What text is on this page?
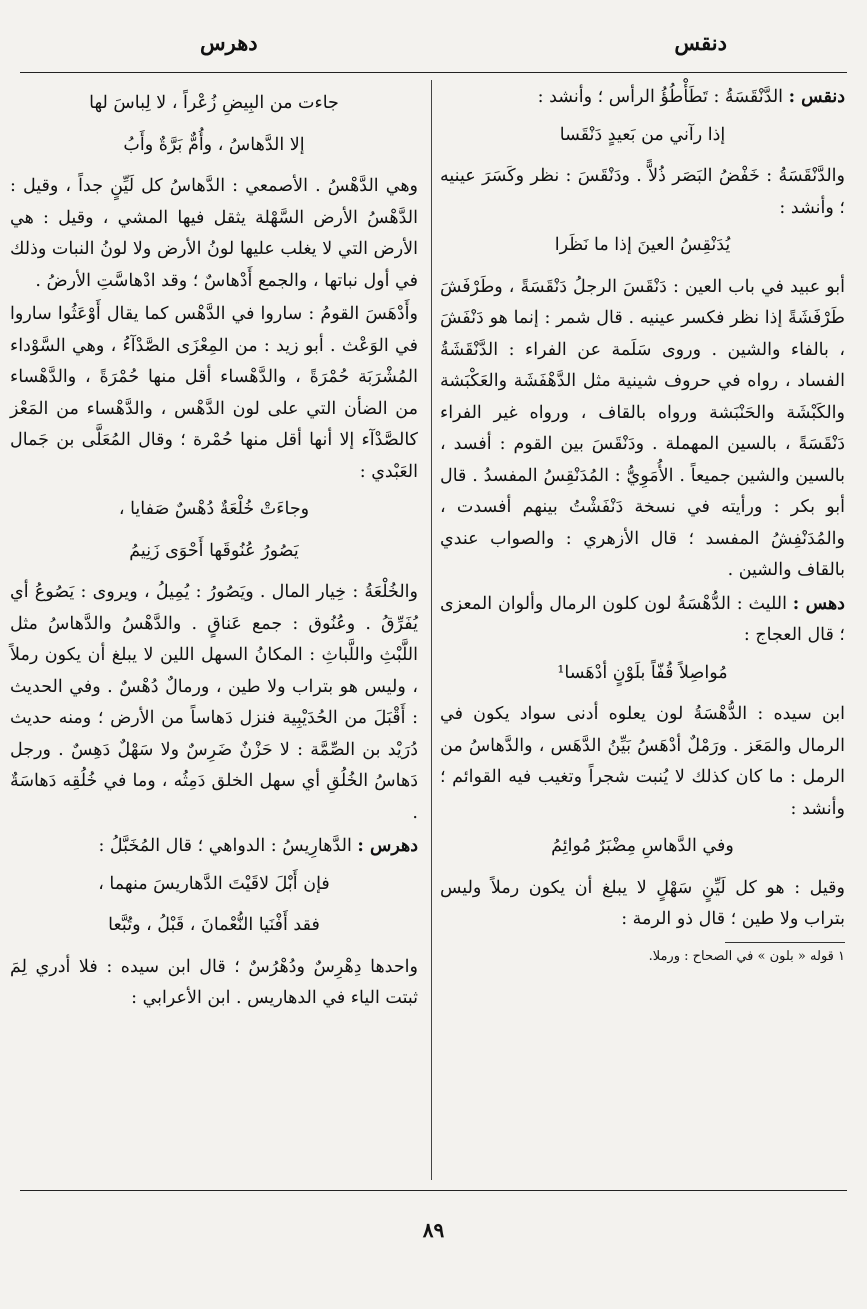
دنقس
دهرس

دنقس : الدَّنْقَسَةُ : تَطَأْطُؤُ الرأس ؛ وأنشد :

إذا رآني من بَعيدٍ دَنْقَسا

والدَّنْقَسَةُ : خَفْضُ البَصَر ذُلاًّ . ودَنْقَسَ : نظر وكَسَرَ عينيه ؛ وأنشد :

يُدَنْقِسُ العينَ إذا ما نَظَرا

أبو عبيد في باب العين : دَنْقَسَ الرجلُ دَنْقَسَةً ، وطَرْفَشَ طَرْفَشَةً إذا نظر فكسر عينيه . قال شمر : إنما هو دَنْفَشَ ، بالفاء والشين . وروى سَلَمة عن الفراء : الدَّنْقَشَةُ الفساد ، رواه في حروف شينية مثل الدَّهْفَشَة والعَكْبَشة والكَبْشَة والحَنْبَشة ورواه بالقاف ، ورواه غير الفراء دَنْقَسَةً ، بالسين المهملة . ودَنْقَسَ بين القوم : أفسد ، بالسين والشين جميعاً . الأُمَوِيُّ : المُدَنْقِسُ المفسدُ . قال أبو بكر : ورأيته في نسخة دَنْفَشْتُ بينهم أفسدت ، والمُدَنْفِشُ المفسد ؛ قال الأزهري : والصواب عندي بالقاف والشين .

دهس : الليث : الدُّهْسَةُ لون كلون الرمال وألوان المعزى ؛ قال العجاج :

مُواصِلاً قُفّاً بلَوْنٍ أدْهَسا¹

ابن سيده : الدُّهْسَةُ لون يعلوه أدنى سواد يكون في الرمال والمَعَز . ورَمْلٌ أدْهَسُ بَيِّنُ الدَّهَس ، والدَّهاسُ من الرمل : ما كان كذلك لا يُنبت شجراً وتغيب فيه القوائم ؛ وأنشد :

وفي الدَّهاسِ مِضْبَرٌ مُوائِمُ

وقيل : هو كل لَيِّنٍ سَهْلٍ لا يبلغ أن يكون رملاً وليس بتراب ولا طين ؛ قال ذو الرمة :

١ قوله « بلون » في الصحاح : ورملا.

جاءت من البِيضِ زُعْراً ، لا لِباسَ لها

إلا الدَّهاسُ ، وأُمٌّ بَرَّةٌ وأَبُ

وهي الدَّهْسُ . الأصمعي : الدَّهاسُ كل لَيِّنٍ جداً ، وقيل : الدَّهْسُ الأرض السَّهْلة يثقل فيها المشي ، وقيل : هي الأرض التي لا يغلب عليها لونُ الأرض ولا لونُ النبات وذلك في أول نباتها ، والجمع أَدْهاسٌ ؛ وقد ادْهاسَّتِ الأرضُ .

وأَدْهَسَ القومُ : ساروا في الدَّهْس كما يقال أَوْعَثُوا ساروا في الوَعْث . أبو زيد : من المِعْزَى الصَّدْآءُ ، وهي السَّوْداء المُشْرَبَة حُمْرَةً ، والدَّهْساء أقل منها حُمْرَةً ، والدَّهْساء من الضأن التي على لون الدَّهْس ، والدَّهْساء من المَعْز كالصَّدْآء إلا أنها أقل منها حُمْرة ؛ وقال المُعَلَّى بن جَمال العَبْدي :

وجاءَتْ خُلْعَةٌ دُهْسٌ صَفايا ،

يَصُورُ عُنُوقَها أَحْوَى زَنِيمُ

والخُلْعَةُ : خِيار المال . ويَصُورُ : يُمِيلُ ، ويروى : يَصُوعُ أي يُفَرِّقُ . وعُنُوق : جمع عَناقٍ . والدَّهْسُ والدَّهاسُ مثل اللَّبْثِ واللَّباثِ : المكانُ السهل اللين لا يبلغ أن يكون رملاً ، وليس هو بتراب ولا طين ، ورمالٌ دُهْسٌ . وفي الحديث : أَقْبَلَ من الحُدَيْبِية فنزل دَهاساً من الأرض ؛ ومنه حديث دُرَيْد بن الصِّمَّة : لا حَزْنٌ ضَرِسٌ ولا سَهْلٌ دَهِسٌ . ورجل دَهاسُ الخُلُقِ أي سهل الخلق دَمِثُه ، وما في خُلُقِه دَهاسَةٌ .

دهرس : الدَّهارِيسُ : الدواهي ؛ قال المُخَبَّلُ :

فإن أَبْلَ لاقَيْتَ الدَّهاريسَ منهما ،

فقد أَفْنَيا النُّعْمانَ ، قَبْلُ ، وتُبَّعا

واحدها دِهْرِسٌ ودُهْرُسٌ ؛ قال ابن سيده : فلا أدري لِمَ ثبتت الياء في الدهاريس . ابن الأعرابي :

٨٩
